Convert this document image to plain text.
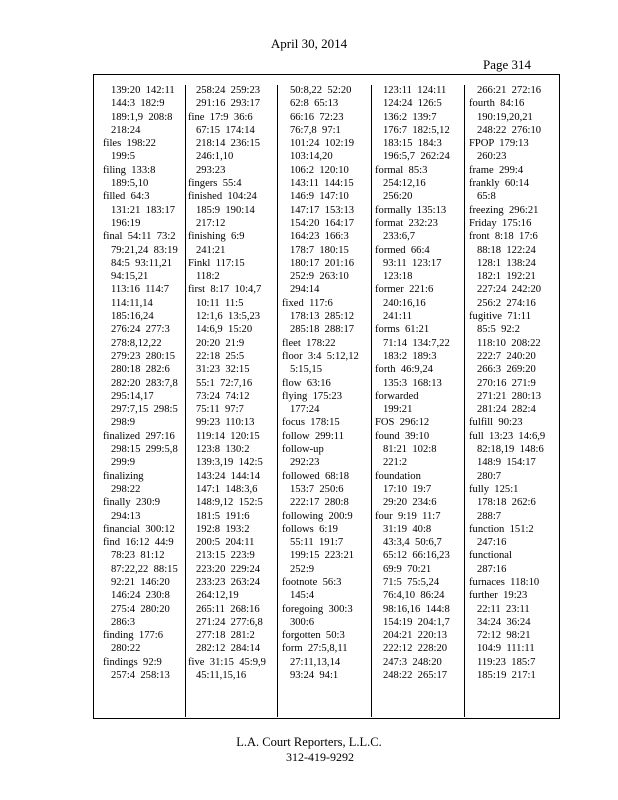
April 30, 2014
Page 314
139:20  142:11
144:3  182:9
189:1,9  208:8
218:24
files  198:22
199:5
filing  133:8
189:5,10
filled  64:3
131:21  183:17
196:19
final  54:11  73:2
79:21,24  83:19
84:5  93:11,21
94:15,21
113:16  114:7
114:11,14
185:16,24
276:24  277:3
278:8,12,22
279:23  280:15
280:18  282:6
282:20  283:7,8
295:14,17
297:7,15  298:5
298:9
finalized  297:16
298:15  299:5,8
299:9
finalizing
298:22
finally  230:9
294:13
financial  300:12
find  16:12  44:9
78:23  81:12
87:22,22  88:15
92:21  146:20
146:24  230:8
275:4  280:20
286:3
finding  177:6
280:22
findings  92:9
257:4  258:13
258:24  259:23
291:16  293:17
fine  17:9  36:6
67:15  174:14
218:14  236:15
246:1,10
293:23
fingers  55:4
finished  104:24
185:9  190:14
217:12
finishing  6:9
241:21
Finkl  117:15
118:2
first  8:17  10:4,7
10:11  11:5
12:1,6  13:5,23
14:6,9  15:20
20:20  21:9
22:18  25:5
31:23  32:15
55:1  72:7,16
73:24  74:12
75:11  97:7
99:23  110:13
119:14  120:15
123:8  130:2
139:3,19  142:5
143:24  144:14
147:1  148:3,6
148:9,12  152:5
181:5  191:6
192:8  193:2
200:5  204:11
213:15  223:9
223:20  229:24
233:23  263:24
264:12,19
265:11  268:16
271:24  277:6,8
277:18  281:2
282:12  284:14
five  31:15  45:9,9
45:11,15,16
50:8,22  52:20
62:8  65:13
66:16  72:23
76:7,8  97:1
101:24  102:19
103:14,20
106:2  120:10
143:11  144:15
146:9  147:10
147:17  153:13
154:20  164:17
164:23  166:3
178:7  180:15
180:17  201:16
252:9  263:10
294:14
fixed  117:6
178:13  285:12
285:18  288:17
fleet  178:22
floor  3:4  5:12,12
5:15,15
flow  63:16
flying  175:23
177:24
focus  178:15
follow  299:11
follow-up
292:23
followed  68:18
153:7  250:6
222:17  280:8
following  200:9
follows  6:19
55:11  191:7
199:15  223:21
252:9
footnote  56:3
145:4
foregoing  300:3
300:6
forgotten  50:3
form  27:5,8,11
27:11,13,14
93:24  94:1
123:11  124:11
124:24  126:5
136:2  139:7
176:7  182:5,12
183:15  184:3
196:5,7  262:24
formal  85:3
254:12,16
256:20
formally  135:13
format  232:23
233:6,7
formed  66:4
93:11  123:17
123:18
former  221:6
240:16,16
241:11
forms  61:21
71:14  134:7,22
183:2  189:3
forth  46:9,24
135:3  168:13
forwarded
199:21
FOS  296:12
found  39:10
81:21  102:8
221:2
foundation
17:10  19:7
29:20  234:6
four  9:19  11:7
31:19  40:8
43:3,4  50:6,7
65:12  66:16,23
69:9  70:21
71:5  75:5,24
76:4,10  86:24
98:16,16  144:8
154:19  204:1,7
204:21  220:13
222:12  228:20
247:3  248:20
248:22  265:17
266:21  272:16
fourth  84:16
190:19,20,21
248:22  276:10
FPOP  179:13
260:23
frame  299:4
frankly  60:14
65:8
freezing  296:21
Friday  175:16
front  8:18  17:6
88:18  122:24
128:1  138:24
182:1  192:21
227:24  242:20
256:2  274:16
fugitive  71:11
85:5  92:2
118:10  208:22
222:7  240:20
266:3  269:20
270:16  271:9
271:21  280:13
281:24  282:4
fulfill  90:23
full  13:23  14:6,9
82:18,19  148:6
148:9  154:17
280:7
fully  125:1
178:18  262:6
288:7
function  151:2
247:16
functional
287:16
furnaces  118:10
further  19:23
22:11  23:11
34:24  36:24
72:12  98:21
104:9  111:11
119:23  185:7
185:19  217:1
L.A. Court Reporters, L.L.C.
312-419-9292
